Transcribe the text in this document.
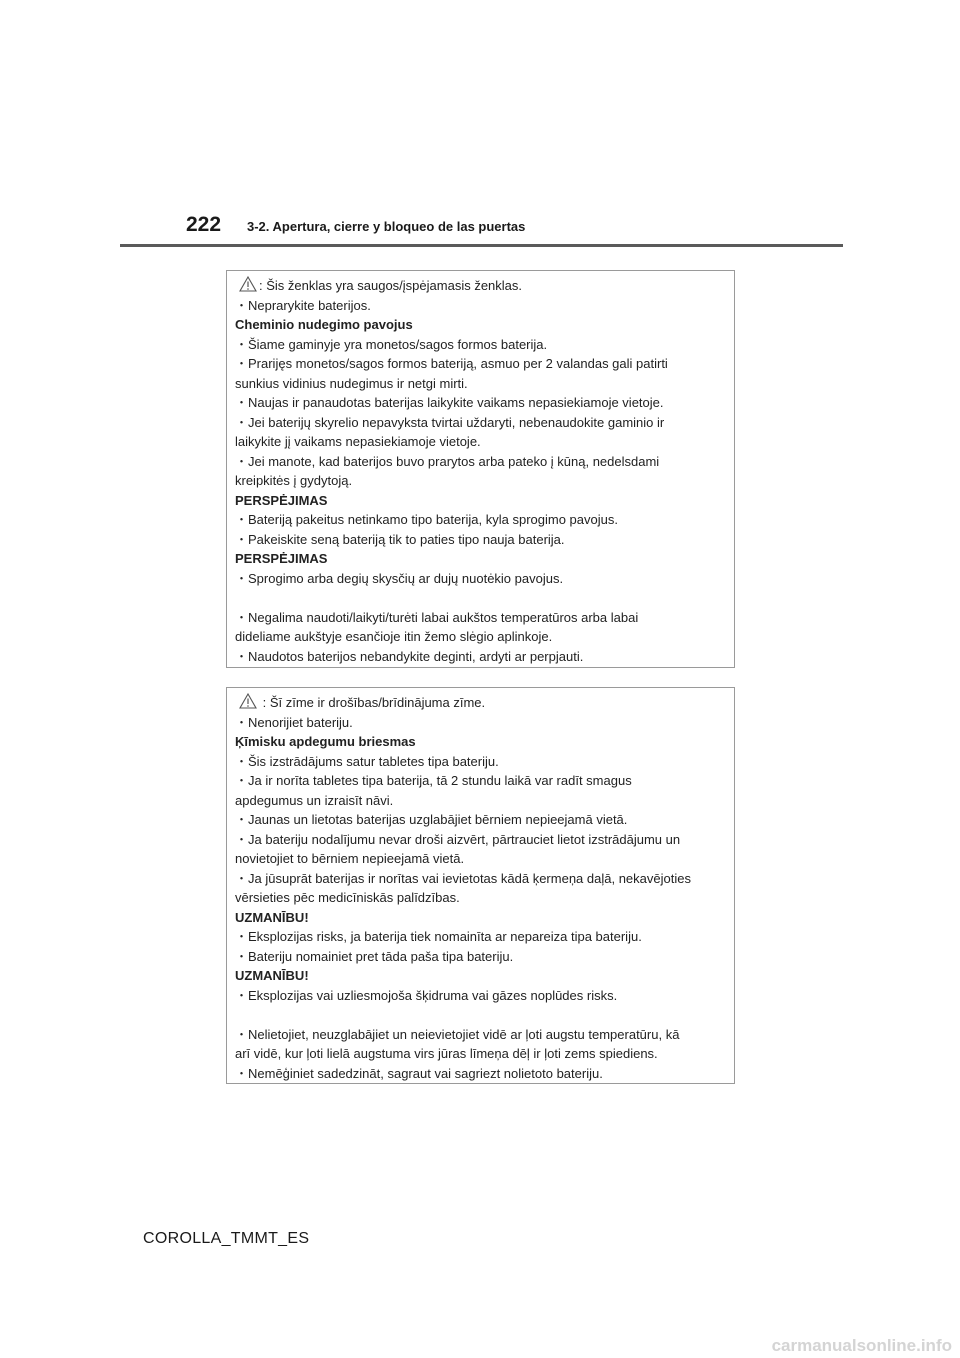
222 3-2. Apertura, cierre y bloqueo de las puertas
: Šis ženklas yra saugos/įspėjamasis ženklas.
・Neprarykite baterijos.
Cheminio nudegimo pavojus
・Šiame gaminyje yra monetos/sagos formos baterija.
・Prarijęs monetos/sagos formos bateriją, asmuo per 2 valandas gali patirti
sunkius vidinius nudegimus ir netgi mirti.
・Naujas ir panaudotas baterijas laikykite vaikams nepasiekiamoje vietoje.
・Jei baterijų skyrelio nepavyksta tvirtai uždaryti, nebenaudokite gaminio ir
laikykite jį vaikams nepasiekiamoje vietoje.
・Jei manote, kad baterijos buvo prarytos arba pateko į kūną, nedelsdami
kreipkitės į gydytoją.
PERSPĖJIMAS
・Bateriją pakeitus netinkamo tipo baterija, kyla sprogimo pavojus.
・Pakeiskite seną bateriją tik to paties tipo nauja baterija.
PERSPĖJIMAS
・Sprogimo arba degių skysčių ar dujų nuotėkio pavojus.
・Negalima naudoti/laikyti/turėti labai aukštos temperatūros arba labai
dideliame aukštyje esančioje itin žemo slėgio aplinkoje.
・Naudotos baterijos nebandykite deginti, ardyti ar perpjauti.
: Šī zīme ir drošības/brīdinājuma zīme.
・Nenorijiet bateriju.
Ķīmisku apdegumu briesmas
・Šis izstrādājums satur tabletes tipa bateriju.
・Ja ir norīta tabletes tipa baterija, tā 2 stundu laikā var radīt smagus
apdegumus un izraisīt nāvi.
・Jaunas un lietotas baterijas uzglabājiet bērniem nepieejamā vietā.
・Ja bateriju nodalījumu nevar droši aizvērt, pārtrauciet lietot izstrādājumu un
novietojiet to bērniem nepieejamā vietā.
・Ja jūsuprāt baterijas ir norītas vai ievietotas kādā ķermeņa daļā, nekavējoties
vērsieties pēc medicīniskās palīdzības.
UZMANĪBU!
・Eksplozijas risks, ja baterija tiek nomainīta ar nepareiza tipa bateriju.
・Bateriju nomainiet pret tāda paša tipa bateriju.
UZMANĪBU!
・Eksplozijas vai uzliesmojoša šķidruma vai gāzes noplūdes risks.
・Nelietojiet, neuzglabājiet un neievietojiet vidē ar ļoti augstu temperatūru, kā
arī vidē, kur ļoti lielā augstuma virs jūras līmeņa dēļ ir ļoti zems spiediens.
・Nemēģiniet sadedzināt, sagraut vai sagriezt nolietoto bateriju.
COROLLA_TMMT_ES
carmanualsonline.info
